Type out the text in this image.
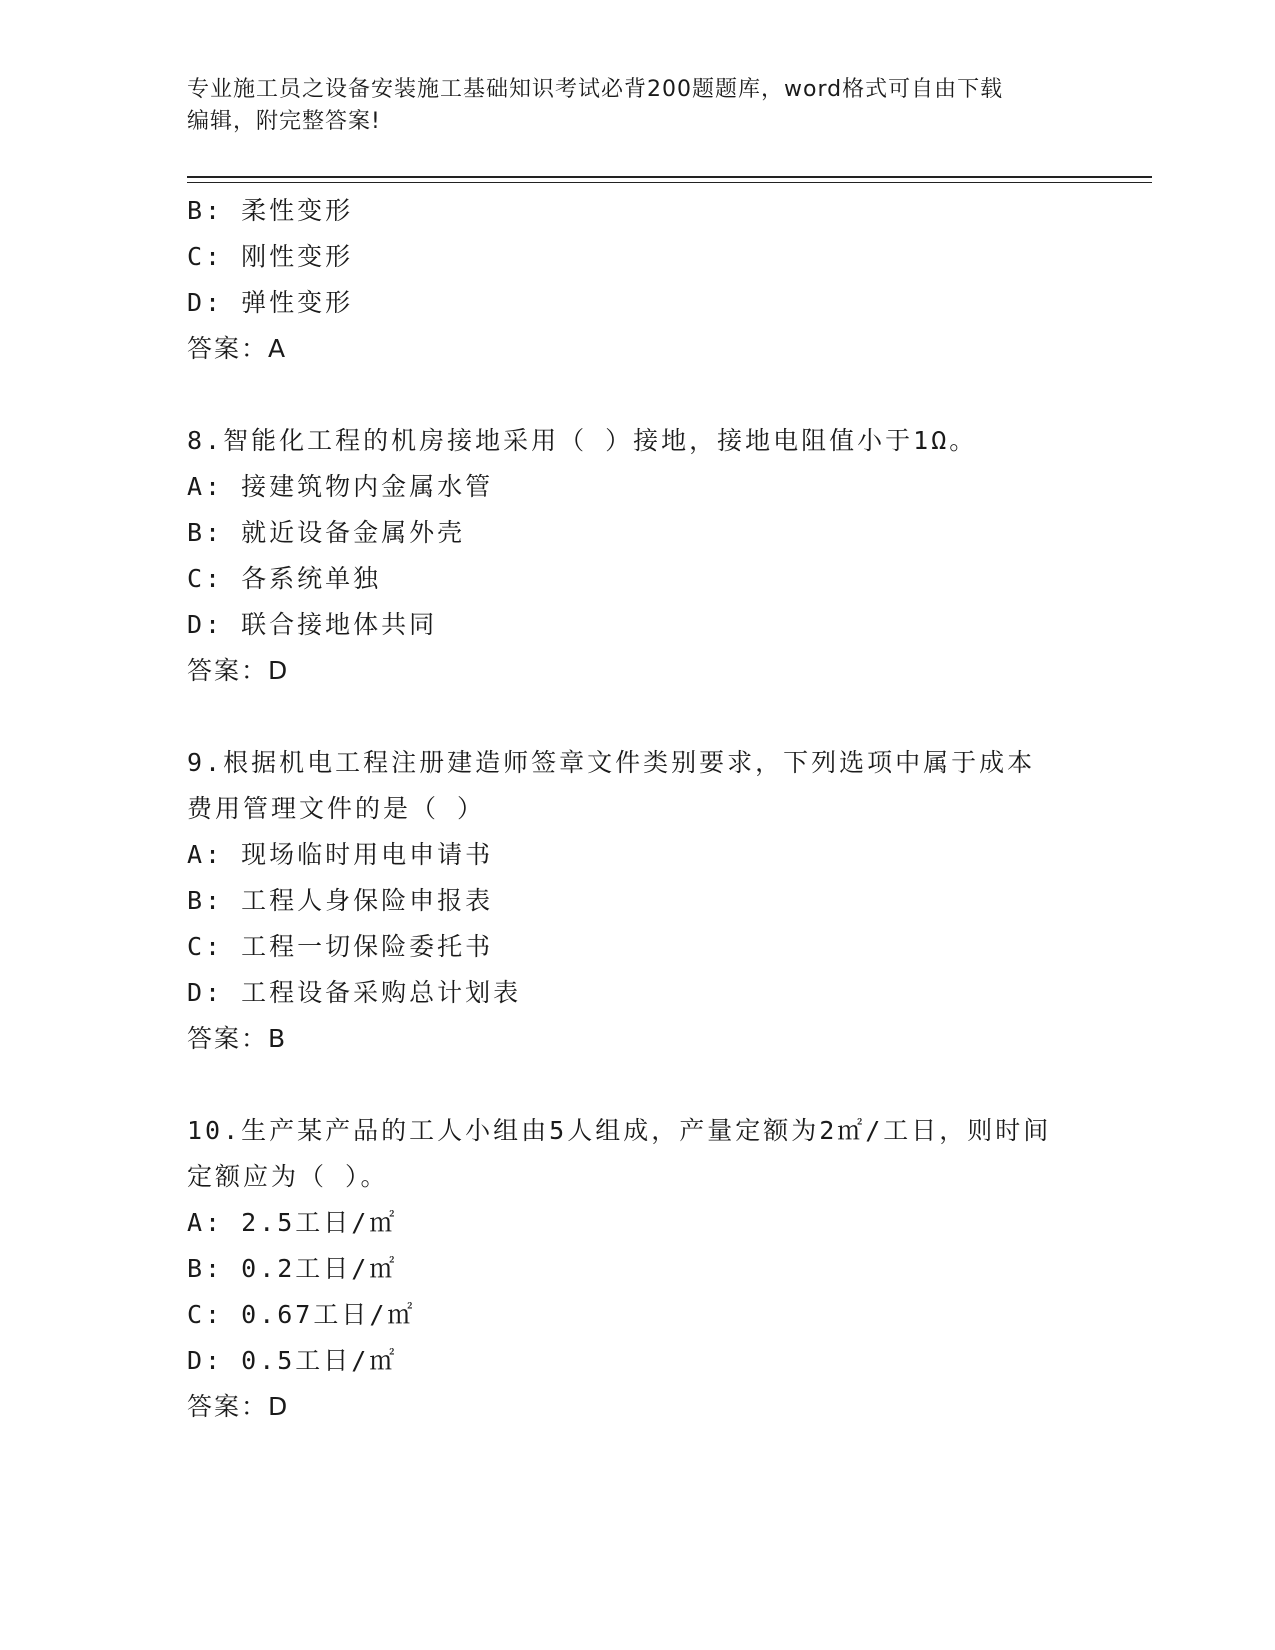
专业施工员之设备安装施工基础知识考试必背200题题库，word格式可自由下载
编辑，附完整答案!
B: 柔性变形
C: 刚性变形
D: 弹性变形
答案：A
8.智能化工程的机房接地采用（ ）接地，接地电阻值小于1Ω。
A: 接建筑物内金属水管
B: 就近设备金属外壳
C: 各系统单独
D: 联合接地体共同
答案：D
9.根据机电工程注册建造师签章文件类别要求，下列选项中属于成本
费用管理文件的是（ ）
A: 现场临时用电申请书
B: 工程人身保险申报表
C: 工程一切保险委托书
D: 工程设备采购总计划表
答案：B
10.生产某产品的工人小组由5人组成，产量定额为2㎡/工日，则时间
定额应为（ ）。
A: 2.5工日/㎡
B: 0.2工日/㎡
C: 0.67工日/㎡
D: 0.5工日/㎡
答案：D
